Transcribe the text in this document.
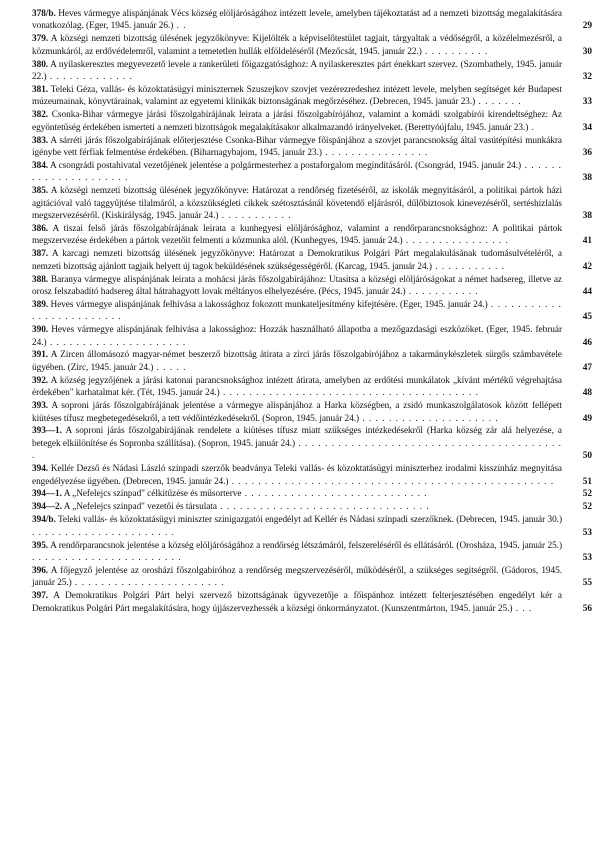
378/b. Heves vármegye alispánjának Vécs község elöljáróságához intézett levele, amelyben tájékoztatást ad a nemzeti bizottság megalakítására vonatkozólag. (Eger, 1945. január 26.) . .	29
379. A községi nemzeti bizottság ülésének jegyzőkönyve: Kijelölték a képviselőtestület tagjait, tárgyaltak a védőségről, a közélelmezésről, a közmunkáról, az erdővédelemről, valamint a temetetlen hullák elföldeléséről (Mezőcsát, 1945. január 22.) . . . . . . . . . .	30
380. A nyilaskeresztes megyevezető levele a rankerületi főigazgatósághoz: A nyilaskeresztes párt énekkart szervez. (Szombathely, 1945. január 22.) . . . . . . . . . . . . .	32
381. Teleki Géza, vallás- és közoktatásügyi miniszternek Szuszejkov szovjet vezérezredeshez intézett levele, melyben segítséget kér Budapest múzeumainak, könyvtárainak, valamint az egyetemi klinikák biztonságának megőrzéséhez. (Debrecen, 1945. január 23.) . . . . . . .	33
382. Csonka-Bihar vármegye járási főszolgabírájának leirata a járási főszolgabírójához, valamint a komádi szolgabírói kirendeltséghez: Az egyöntetűség érdekében ismertetí a nemzeti bizottságok megalakításakor alkalmazandó irányelveket. (Berettyóújfalu, 1945. január 23.) .	34
383. A sárréti járás főszolgabírájának előterjesztése Csonka-Bihar vármegye főispánjához a szovjet parancsnokság által vasútépítési munkákra igénybe vett férfiak felmentése érdekében. (Biharnagybajom, 1945. január 23.) . . . . . . . . . . . . . . . .	36
384. A csongrádi postahivatal vezetőjének jelentése a polgármesterhez a postaforgalom megindításáról. (Csongrád, 1945. január 24.) . . . . . . . . . . . . . . . . . . . . .	38
385. A községi nemzeti bizottság ülésének jegyzőkönyve: Határozat a rendőrség fizetéséről, az iskolák megnyitásáról, a politikai pártok házi agitációval való taggyűjtése tilalmáról, a közszükségleti cikkek szétosztásánál követendő eljárásról, dűlőbiztosok kinevezéséről, sertéshízlalás megszervezéséről. (Kiskirályság, 1945. január 24.) . . . . . . . . . . .	38
386. A tiszai felső járás főszolgabírájának leirata a kunhegyesi elöljárósághoz, valamint a rendőrparancsnoksághoz: A politikai pártok megszervezése érdekében a pártok vezetőit felmenti a közmunka alól. (Kunhegyes, 1945. január 24.) . . . . . . . . . . . . . . . .	41
387. A karcagi nemzeti bizottság ülésének jegyzőkönyve: Határozat a Demokratikus Polgári Párt megalakulásának tudomásulvételéről, a nemzeti bizottság ajánlott tagjaik helyett új tagok beküldésének szükségességéről. (Karcag, 1945. január 24.) . . . . . . . . . . .	42
388. Baranya vármegye alispánjának leirata a mohácsi járás főszolgabírájához: Utasítsa a községi elöljáróságokat a német hadsereg, illetve az orosz felszabadító hadsereg által hátrahagyott lovak méltányos elhelyezésére. (Pécs, 1945. január 24.) . . . . . . . . . . .	44
389. Heves vármegye alispánjának felhívása a lakossághoz fokozott munkateljesítmény kifejtésére. (Eger, 1945. január 24.) . . . . . . . . . . . . . . . . . . . . . . . . .	45
390. Heves vármegye alispánjának felhívása a lakossághoz: Hozzák használható állapotba a mezőgazdasági eszközöket. (Eger, 1945. február 24.) . . . . . . . . . . . . . . . . . . . . .	46
391. A Zircen állomásozó magyar-német beszerző bizottság átirata a zirci járás főszolgabírójához a takarmánykészletek sürgős számbavétele ügyében. (Zirc, 1945. január 24.) . . . . .	47
392. A község jegyzőjének a járási katonai parancsnoksághoz intézett átirata, amelyben az erdőtési munkálatok „kívánt mértékű végrehajtása érdekében" karhatalmat kér. (Tét, 1945. január 24.) . . . . . . . . . . . . . . . . . . . . . . . . . . . . . . . . . . . . . . .	48
393. A soproni járás főszolgabírájának jelentése a vármegye alispánjához a Harka községben, a zsidó munkaszolgálatosok között fellépett kiütéses tífusz megbetegedésekről, a tett védőintézkedésekről. (Sopron, 1945. január 24.) . . . . . . . . . . . . . . . . . . . . .	49
393—1. A soproni járás főszolgabírájának rendelete a kiütéses tífusz miatt szükséges intézkedésekről (Harka község zár alá helyezése, a betegek elkülönítése és Sopronba szállítása). (Sopron, 1945. január 24.) . . . . . . . . . . . . . . . . . . . . . . . . . . . . . . . . . . . . . . . . .	50
394. Kellér Dezső és Nádasi László szinpadi szerzők beadványa Teleki vallás- és közoktatásügyi miniszterhez irodalmi kisszínház megnyitása engedélyezése ügyében. (Debrecen, 1945. január 24.) . . . . . . . . . . . . . . . . . . . . . . . . . . . . . . . . . . . . . . . . . . . . . . . . .	51
394—1. A „Nefelejcs színpad" célkitűzése és műsorterve . . . . . . . . . . . . . . . . . . . . . . . . . . . .	52
394—2. A „Nefelejcs színpad" vezetői és társulata . . . . . . . . . . . . . . . . . . . . . . . . . . . . . . . .	52
394/b. Teleki vallás- és közoktatásügyi miniszter szinigazgatói engedélyt ad Kellér és Nádasi színpadi szerzőknek. (Debrecen, 1945. január 30.) . . . . . . . . . . . . . . . . . . . . . .	53
395. A rendőrparancsnok jelentése a község elöljáróságához a rendőrség létszámáról, felszereléséről és ellátásáról. (Orosháza, 1945. január 25.) . . . . . . . . . . . . . . . . . . . . . . .	53
396. A főjegyző jelentése az orosházi főszolgabíróhoz a rendőrség megszervezéséről, működéséről, a szükséges segítségről. (Gádoros, 1945. január 25.) . . . . . . . . . . . . . . . . . . . . . . .	55
397. A Demokratikus Polgári Párt helyi szervező bizottságának ügyvezetője a főispánhoz intézett felterjesztésében engedélyt kér a Demokratikus Polgári Párt megalakítására, hogy újjászervezhessék a községi önkormányzatot. (Kunszentmárton, 1945. január 25.) . . .	56
